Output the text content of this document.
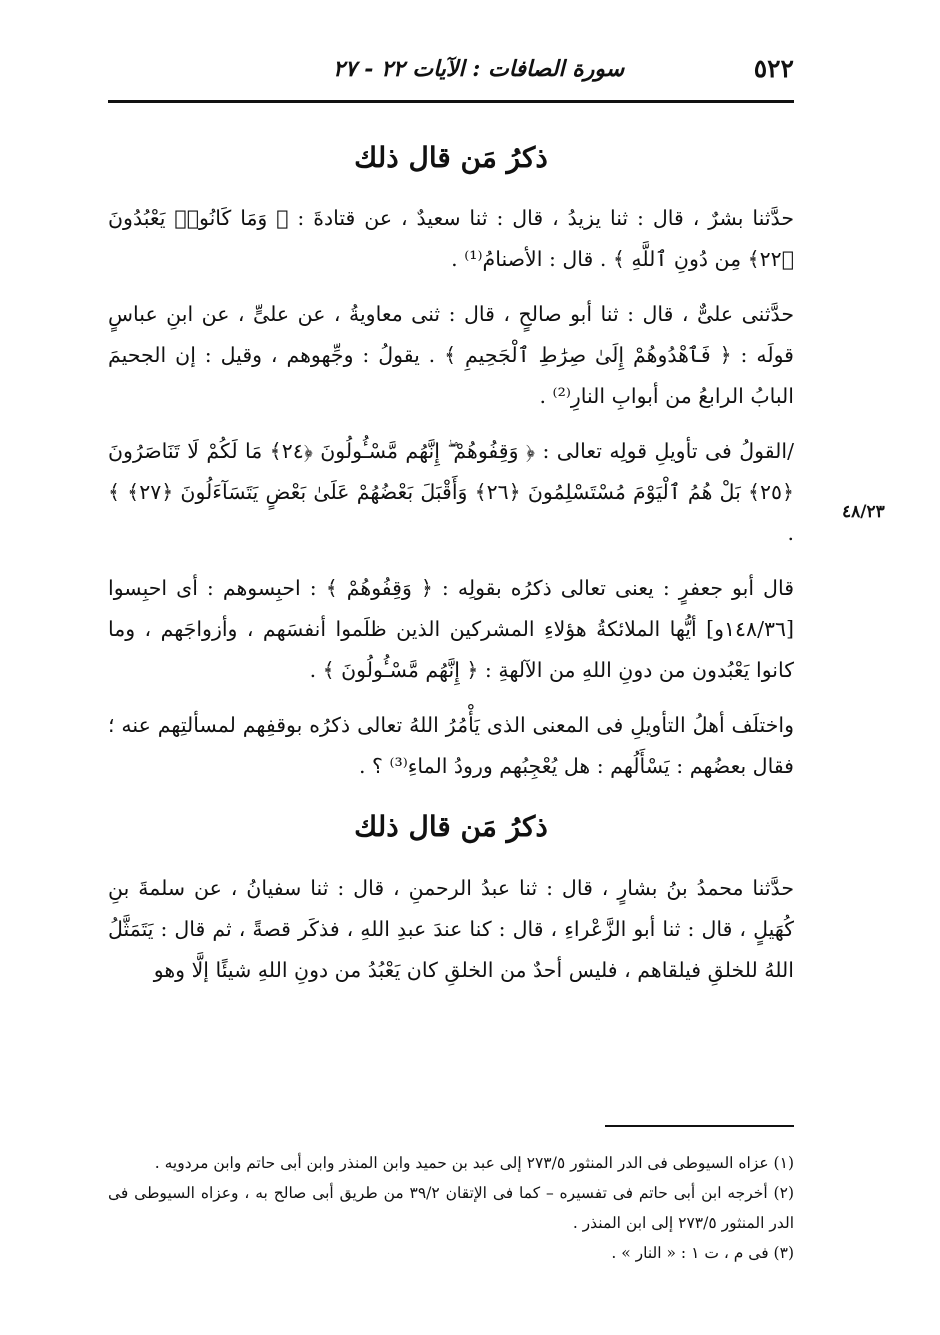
٥٢٢
سورة الصافات : الآيات ٢٢ - ٢٧
٤٨/٢٣
ذكرُ مَن قال ذلك

حدَّثنا بشرٌ ، قال : ثنا يزيدُ ، قال : ثنا سعيدٌ ، عن قتادةَ : ﴿ وَمَا كَانُوا۟ يَعْبُدُونَ ﴿٢٢﴾ مِن دُونِ ٱللَّهِ ﴾ . قال : الأصنامُ⁽¹⁾ .

حدَّثنى علىٌّ ، قال : ثنا أبو صالحٍ ، قال : ثنى معاويةُ ، عن علىٍّ ، عن ابنِ عباسٍ قولَه : ﴿ فَٱهْدُوهُمْ إِلَىٰ صِرَٰطِ ٱلْجَحِيمِ ﴾ . يقولُ : وجِّهوهم ، وقيل : إن الجحيمَ البابُ الرابعُ من أبوابِ النارِ⁽²⁾ .

/القولُ فى تأويلِ قولِه تعالى : ﴿ وَقِفُوهُمْ ۖ إِنَّهُم مَّسْـُٔولُونَ ﴿٢٤﴾ مَا لَكُمْ لَا تَنَاصَرُونَ ﴿٢٥﴾ بَلْ هُمُ ٱلْيَوْمَ مُسْتَسْلِمُونَ ﴿٢٦﴾ وَأَقْبَلَ بَعْضُهُمْ عَلَىٰ بَعْضٍ يَتَسَآءَلُونَ ﴿٢٧﴾ ﴾ .

قال أبو جعفرٍ : يعنى تعالى ذكرُه بقولِه : ﴿ وَقِفُوهُمْ ﴾ : احبِسوهم : أى احبِسوا [١٤٨/٣٦و] أيُّها الملائكةُ هؤلاءِ المشركين الذين ظلَموا أنفسَهم ، وأزواجَهم ، وما كانوا يَعْبُدون من دونِ اللهِ من الآلهةِ : ﴿ إِنَّهُم مَّسْـُٔولُونَ ﴾ .

واختلَف أهلُ التأويلِ فى المعنى الذى يَأْمُرُ اللهُ تعالى ذكرُه بوقفِهم لمسألتِهم عنه ؛ فقال بعضُهم : يَسْأَلُهم : هل يُعْجِبُهم ورودُ الماءِ⁽³⁾ ؟ .

ذكرُ مَن قال ذلك

حدَّثنا محمدُ بنُ بشارٍ ، قال : ثنا عبدُ الرحمنِ ، قال : ثنا سفيانُ ، عن سلمةَ بنِ كُهَيلٍ ، قال : ثنا أبو الزَّعْراءِ ، قال : كنا عندَ عبدِ اللهِ ، فذكَر قصةً ، ثم قال : يَتَمَثَّلُ اللهُ للخلقِ فيلقاهم ، فليس أحدٌ من الخلقِ كان يَعْبُدُ من دونِ اللهِ شيئًا إلَّا وهو

(١) عزاه السيوطى فى الدر المنثور ٢٧٣/٥ إلى عبد بن حميد وابن المنذر وابن أبى حاتم وابن مردويه .

(٢) أخرجه ابن أبى حاتم فى تفسيره – كما فى الإتقان ٣٩/٢ من طريق أبى صالح به ، وعزاه السيوطى فى الدر المنثور ٢٧٣/٥ إلى ابن المنذر .

(٣) فى م ، ت ١ : « النار » .
